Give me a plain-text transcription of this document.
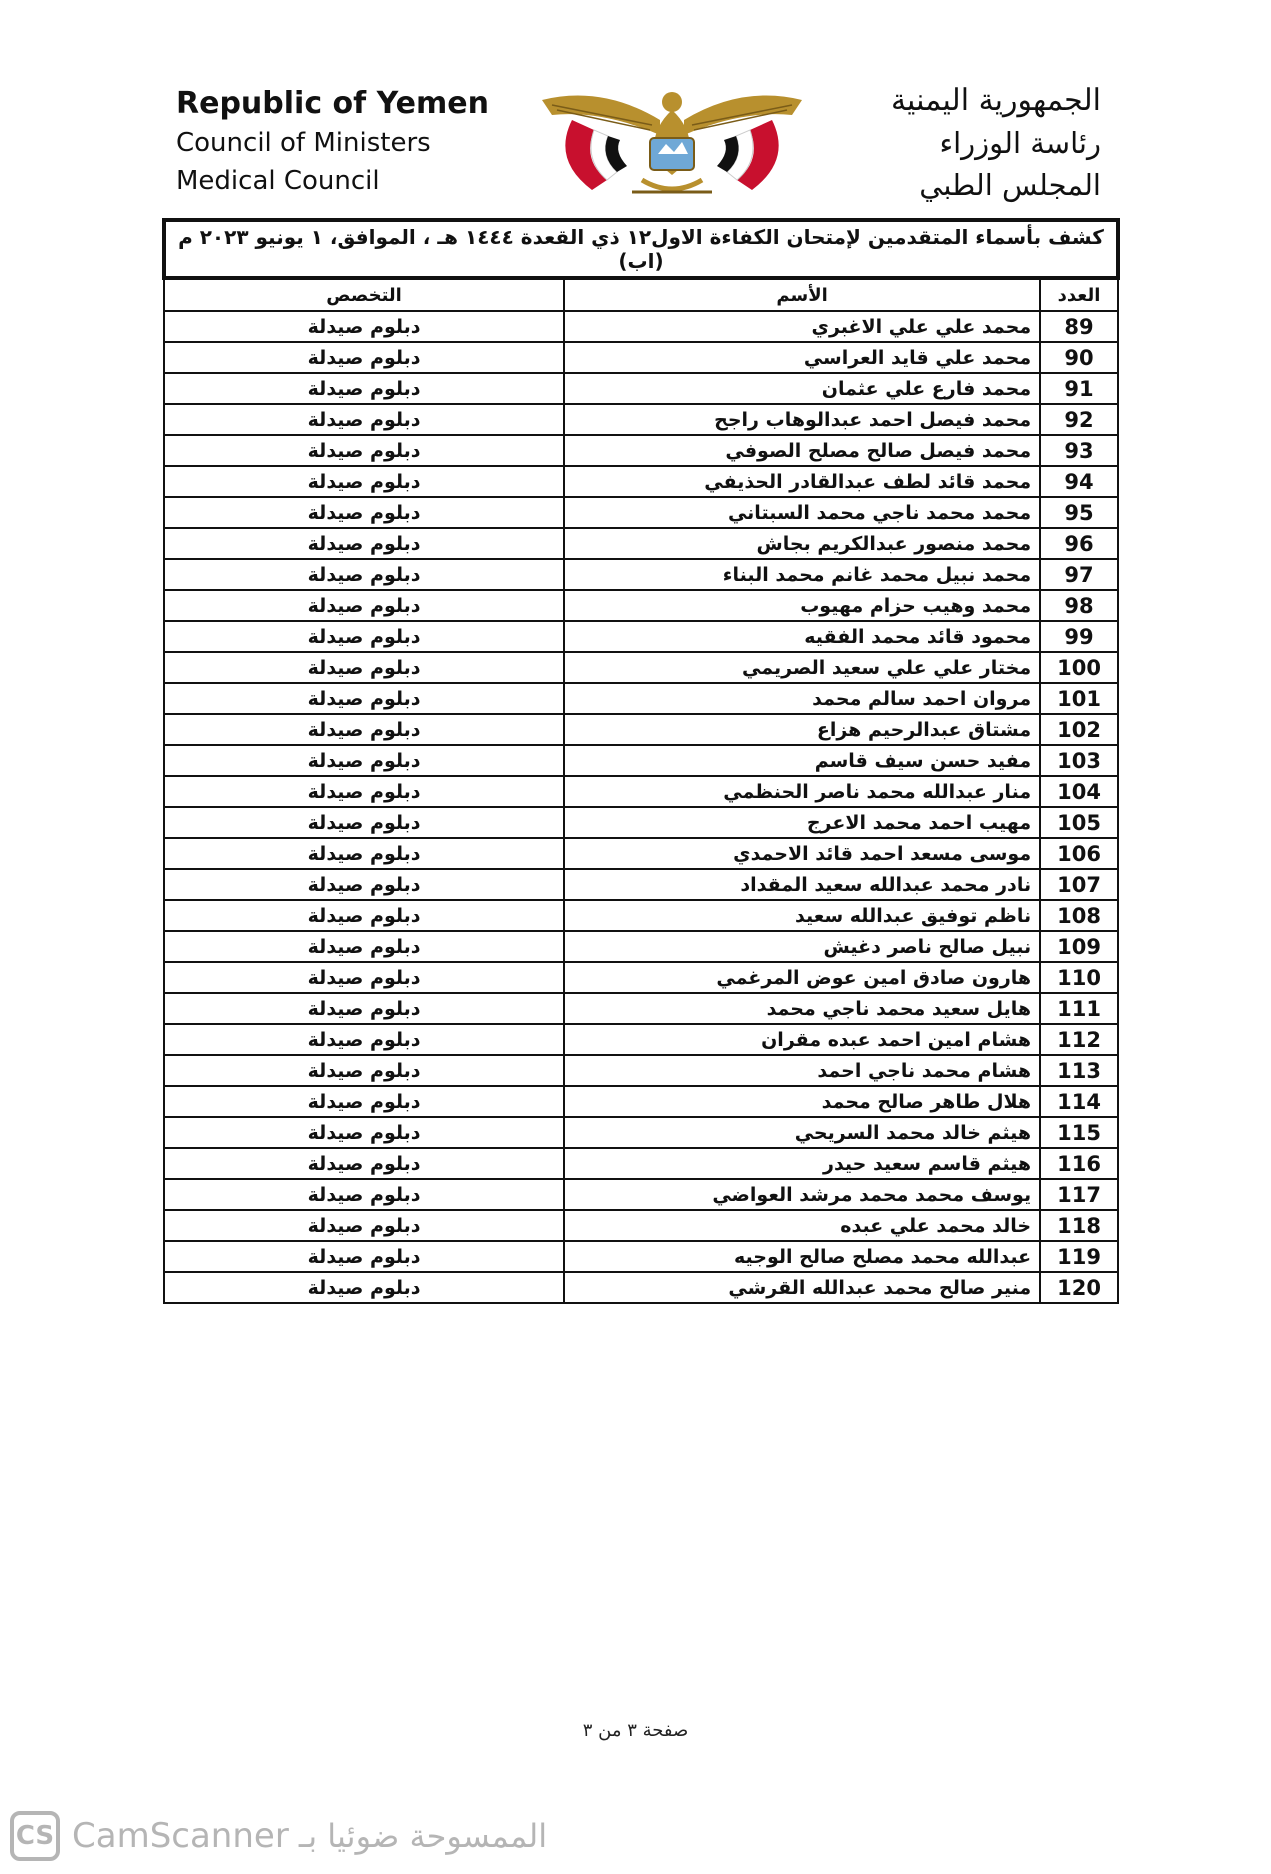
Republic of Yemen
Council of Ministers
Medical Council
الجمهورية اليمنية
رئاسة الوزراء
المجلس الطبي
كشف بأسماء المتقدمين لإمتحان الكفاءة الاول١٢ ذي القعدة ١٤٤٤ هـ ، الموافق، ١ يونيو ٢٠٢٣ م (اب)		
العدد	الأسم	التخصص
89	محمد علي علي الاغبري	دبلوم صيدلة
90	محمد علي قايد العراسي	دبلوم صيدلة
91	محمد فارع علي عثمان	دبلوم صيدلة
92	محمد فيصل احمد عبدالوهاب راجح	دبلوم صيدلة
93	محمد فيصل صالح مصلح الصوفي	دبلوم صيدلة
94	محمد قائد لطف عبدالقادر الحذيفي	دبلوم صيدلة
95	محمد محمد ناجي محمد السبتاني	دبلوم صيدلة
96	محمد منصور عبدالكريم بجاش	دبلوم صيدلة
97	محمد نبيل محمد غانم محمد البناء	دبلوم صيدلة
98	محمد وهيب حزام مهيوب	دبلوم صيدلة
99	محمود قائد محمد الفقيه	دبلوم صيدلة
100	مختار علي علي سعيد الصريمي	دبلوم صيدلة
101	مروان احمد سالم محمد	دبلوم صيدلة
102	مشتاق عبدالرحيم هزاع	دبلوم صيدلة
103	مفيد حسن سيف قاسم	دبلوم صيدلة
104	منار عبدالله محمد ناصر الحنظمي	دبلوم صيدلة
105	مهيب احمد محمد الاعرج	دبلوم صيدلة
106	موسى مسعد احمد قائد الاحمدي	دبلوم صيدلة
107	نادر محمد عبدالله سعيد المقداد	دبلوم صيدلة
108	ناظم توفيق عبدالله سعيد	دبلوم صيدلة
109	نبيل صالح ناصر دغيش	دبلوم صيدلة
110	هارون صادق امين عوض المرغمي	دبلوم صيدلة
111	هايل سعيد محمد ناجي محمد	دبلوم صيدلة
112	هشام امين احمد عبده مقران	دبلوم صيدلة
113	هشام محمد ناجي احمد	دبلوم صيدلة
114	هلال طاهر صالح محمد	دبلوم صيدلة
115	هيثم خالد محمد السريحي	دبلوم صيدلة
116	هيثم قاسم سعيد حيدر	دبلوم صيدلة
117	يوسف محمد محمد مرشد العواضي	دبلوم صيدلة
118	خالد محمد علي عبده	دبلوم صيدلة
119	عبدالله محمد مصلح صالح الوجيه	دبلوم صيدلة
120	منير صالح محمد عبدالله القرشي	دبلوم صيدلة
صفحة ٣ من ٣
CS CamScanner الممسوحة ضوئيا بـ
